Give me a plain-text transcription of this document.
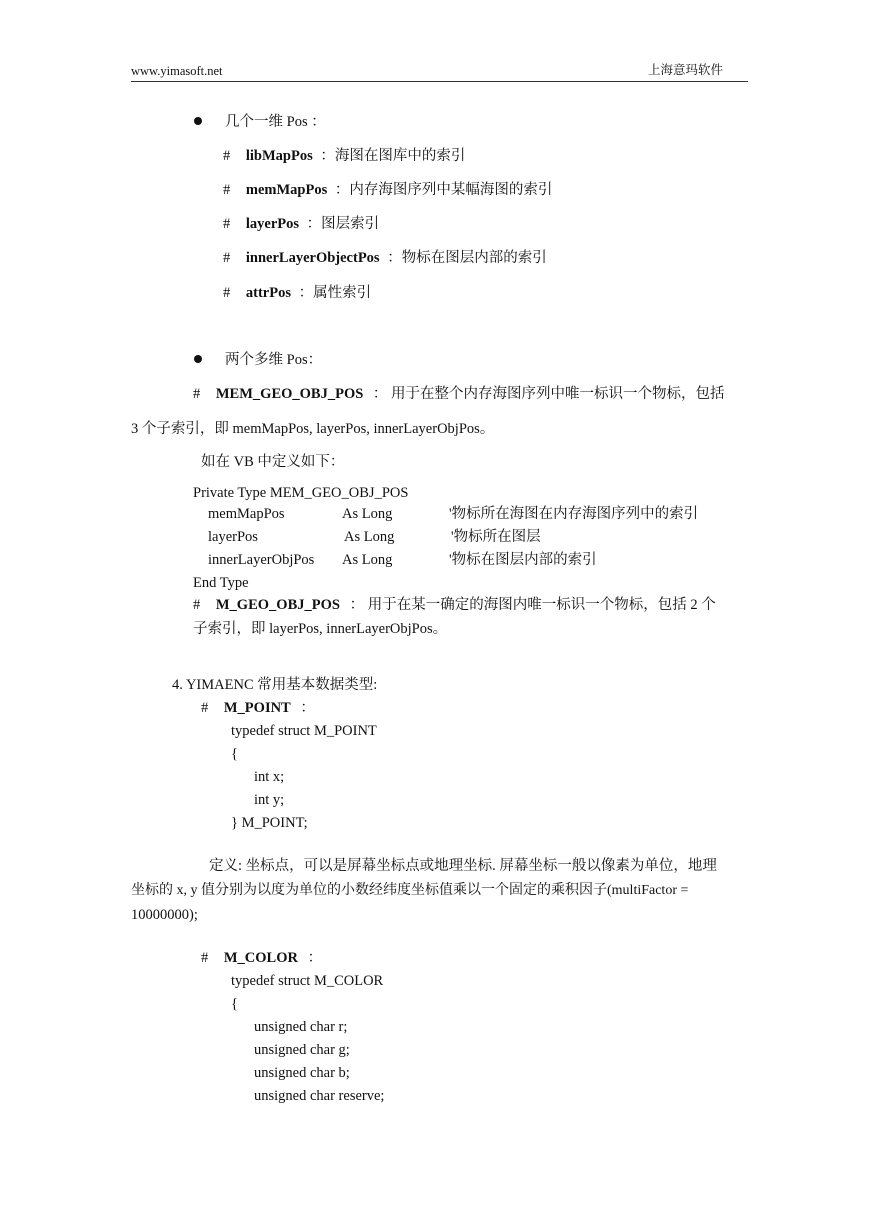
www.yimasoft.net	上海意玛软件
几个一维 Pos ：
# libMapPos ：海图在图库中的索引
# memMapPos ：内存海图序列中某幅海图的索引
# layerPos ：图层索引
# innerLayerObjectPos ：物标在图层内部的索引
# attrPos ：属性索引
两个多维 Pos：
# MEM_GEO_OBJ_POS ： 用于在整个内存海图序列中唯一标识一个物标，包括
3 个子索引，即 memMapPos, layerPos, innerLayerObjPos。
如在 VB 中定义如下：
Private Type MEM_GEO_OBJ_POS
memMapPos	As Long	'物标所在海图在内存海图序列中的索引
layerPos	As Long	'物标所在图层
innerLayerObjPos As Long	'物标在图层内部的索引
End Type
# M_GEO_OBJ_POS ： 用于在某一确定的海图内唯一标识一个物标，包括 2 个
子索引，即 layerPos, innerLayerObjPos。
4. YIMAENC 常用基本数据类型:
# M_POINT ：
typedef struct M_POINT
{
int x;
int y;
} M_POINT;
定义: 坐标点，可以是屏幕坐标点或地理坐标. 屏幕坐标一般以像素为单位，地理
坐标的 x, y 值分别为以度为单位的小数经纬度坐标值乘以一个固定的乘积因子(multiFactor =
10000000);
# M_COLOR ：
typedef struct M_COLOR
{
unsigned char r;
unsigned char g;
unsigned char b;
unsigned char reserve;
